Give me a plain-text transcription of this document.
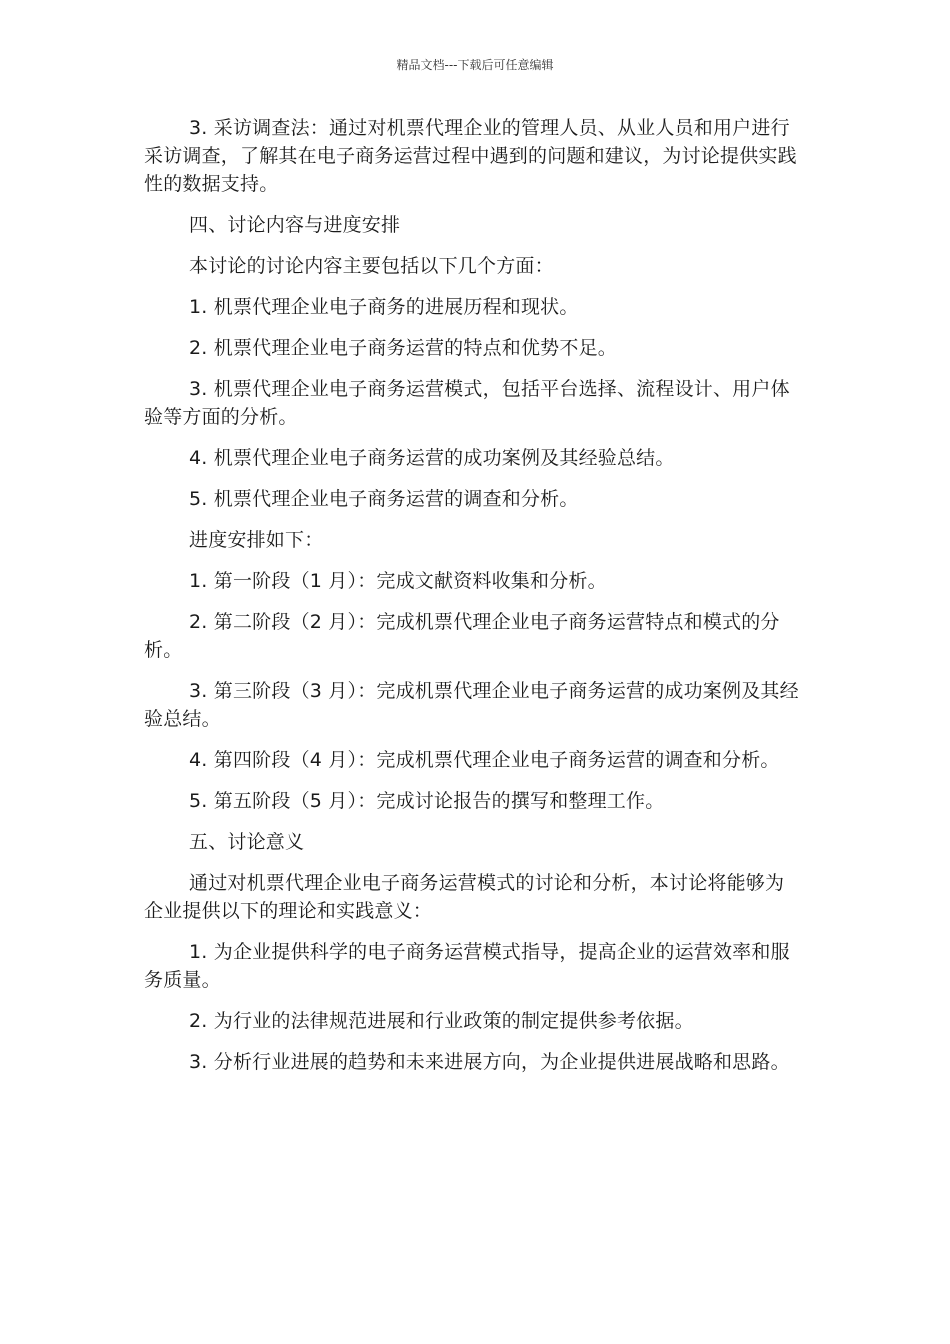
精品文档---下载后可任意编辑

3. 采访调查法：通过对机票代理企业的管理人员、从业人员和用户进行采访调查，了解其在电子商务运营过程中遇到的问题和建议，为讨论提供实践性的数据支持。

四、讨论内容与进度安排

本讨论的讨论内容主要包括以下几个方面：

1. 机票代理企业电子商务的进展历程和现状。

2. 机票代理企业电子商务运营的特点和优势不足。

3. 机票代理企业电子商务运营模式，包括平台选择、流程设计、用户体验等方面的分析。

4. 机票代理企业电子商务运营的成功案例及其经验总结。

5. 机票代理企业电子商务运营的调查和分析。

进度安排如下：

1. 第一阶段（1 月）：完成文献资料收集和分析。

2. 第二阶段（2 月）：完成机票代理企业电子商务运营特点和模式的分析。

3. 第三阶段（3 月）：完成机票代理企业电子商务运营的成功案例及其经验总结。

4. 第四阶段（4 月）：完成机票代理企业电子商务运营的调查和分析。

5. 第五阶段（5 月）：完成讨论报告的撰写和整理工作。

五、讨论意义

通过对机票代理企业电子商务运营模式的讨论和分析，本讨论将能够为企业提供以下的理论和实践意义：

1. 为企业提供科学的电子商务运营模式指导，提高企业的运营效率和服务质量。

2. 为行业的法律规范进展和行业政策的制定提供参考依据。

3. 分析行业进展的趋势和未来进展方向，为企业提供进展战略和思路。
